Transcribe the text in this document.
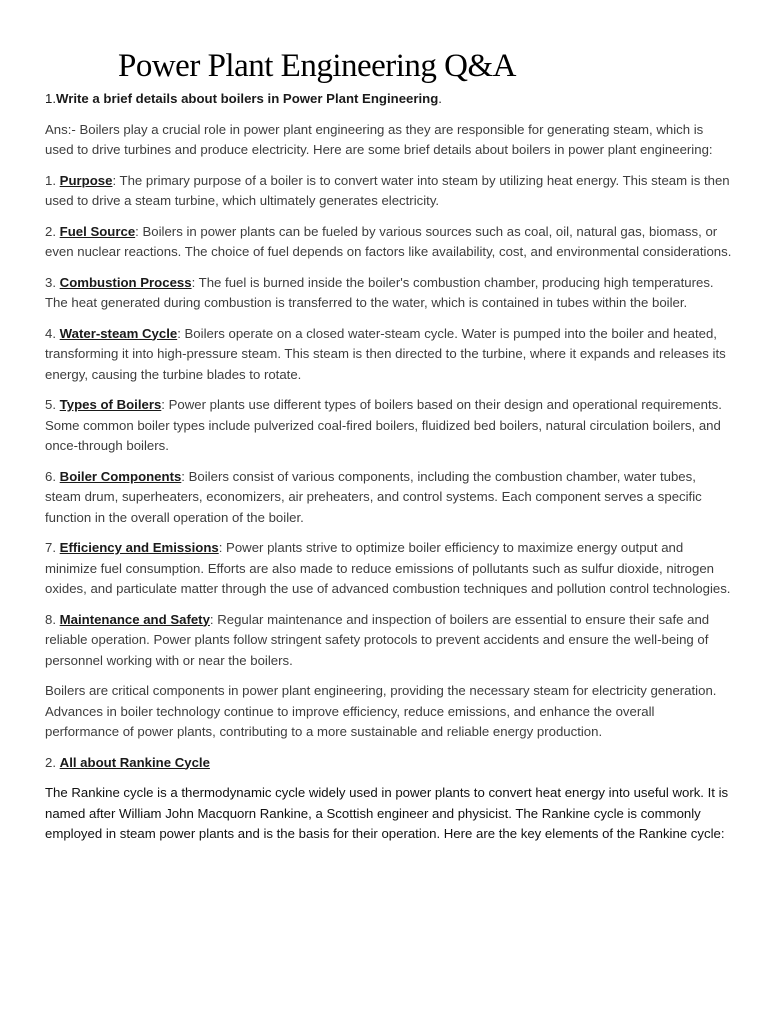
Power Plant Engineering Q&A

1.Write a brief details about boilers in Power Plant Engineering.

Ans:- Boilers play a crucial role in power plant engineering as they are responsible for generating steam, which is used to drive turbines and produce electricity. Here are some brief details about boilers in power plant engineering:

1. Purpose: The primary purpose of a boiler is to convert water into steam by utilizing heat energy. This steam is then used to drive a steam turbine, which ultimately generates electricity.

2. Fuel Source: Boilers in power plants can be fueled by various sources such as coal, oil, natural gas, biomass, or even nuclear reactions. The choice of fuel depends on factors like availability, cost, and environmental considerations.

3. Combustion Process: The fuel is burned inside the boiler's combustion chamber, producing high temperatures. The heat generated during combustion is transferred to the water, which is contained in tubes within the boiler.

4. Water-steam Cycle: Boilers operate on a closed water-steam cycle. Water is pumped into the boiler and heated, transforming it into high-pressure steam. This steam is then directed to the turbine, where it expands and releases its energy, causing the turbine blades to rotate.

5. Types of Boilers: Power plants use different types of boilers based on their design and operational requirements. Some common boiler types include pulverized coal-fired boilers, fluidized bed boilers, natural circulation boilers, and once-through boilers.

6. Boiler Components: Boilers consist of various components, including the combustion chamber, water tubes, steam drum, superheaters, economizers, air preheaters, and control systems. Each component serves a specific function in the overall operation of the boiler.

7. Efficiency and Emissions: Power plants strive to optimize boiler efficiency to maximize energy output and minimize fuel consumption. Efforts are also made to reduce emissions of pollutants such as sulfur dioxide, nitrogen oxides, and particulate matter through the use of advanced combustion techniques and pollution control technologies.

8. Maintenance and Safety: Regular maintenance and inspection of boilers are essential to ensure their safe and reliable operation. Power plants follow stringent safety protocols to prevent accidents and ensure the well-being of personnel working with or near the boilers.

Boilers are critical components in power plant engineering, providing the necessary steam for electricity generation. Advances in boiler technology continue to improve efficiency, reduce emissions, and enhance the overall performance of power plants, contributing to a more sustainable and reliable energy production.

2. All about Rankine Cycle

The Rankine cycle is a thermodynamic cycle widely used in power plants to convert heat energy into useful work. It is named after William John Macquorn Rankine, a Scottish engineer and physicist. The Rankine cycle is commonly employed in steam power plants and is the basis for their operation. Here are the key elements of the Rankine cycle:
